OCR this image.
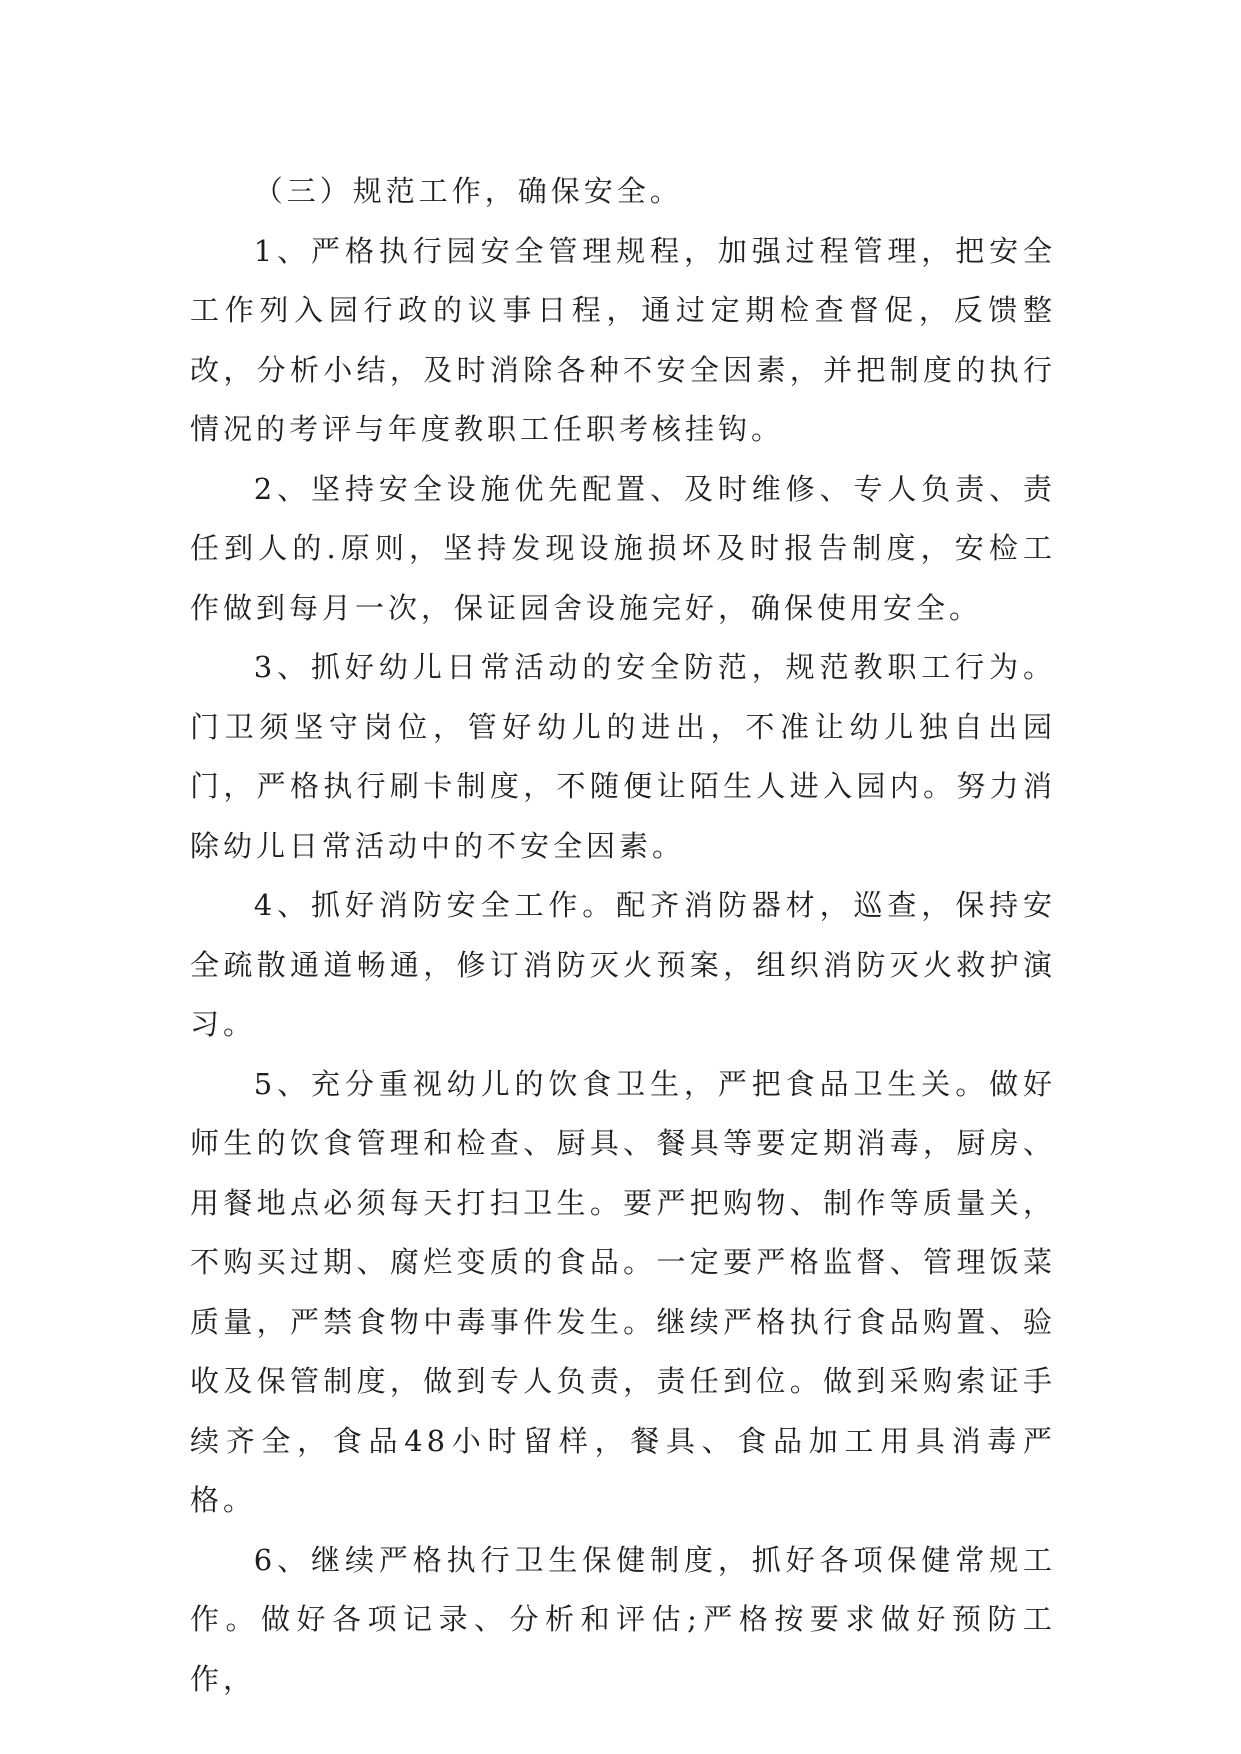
（三）规范工作，确保安全。

1、严格执行园安全管理规程，加强过程管理，把安全工作列入园行政的议事日程，通过定期检查督促，反馈整改，分析小结，及时消除各种不安全因素，并把制度的执行情况的考评与年度教职工任职考核挂钩。

2、坚持安全设施优先配置、及时维修、专人负责、责任到人的.原则，坚持发现设施损坏及时报告制度，安检工作做到每月一次，保证园舍设施完好，确保使用安全。

3、抓好幼儿日常活动的安全防范，规范教职工行为。门卫须坚守岗位，管好幼儿的进出，不准让幼儿独自出园门，严格执行刷卡制度，不随便让陌生人进入园内。努力消除幼儿日常活动中的不安全因素。

4、抓好消防安全工作。配齐消防器材，巡查，保持安全疏散通道畅通，修订消防灭火预案，组织消防灭火救护演习。

5、充分重视幼儿的饮食卫生，严把食品卫生关。做好师生的饮食管理和检查、厨具、餐具等要定期消毒，厨房、用餐地点必须每天打扫卫生。要严把购物、制作等质量关，不购买过期、腐烂变质的食品。一定要严格监督、管理饭菜质量，严禁食物中毒事件发生。继续严格执行食品购置、验收及保管制度，做到专人负责，责任到位。做到采购索证手续齐全，食品48小时留样，餐具、食品加工用具消毒严格。

6、继续严格执行卫生保健制度，抓好各项保健常规工作。做好各项记录、分析和评估;严格按要求做好预防工作，
